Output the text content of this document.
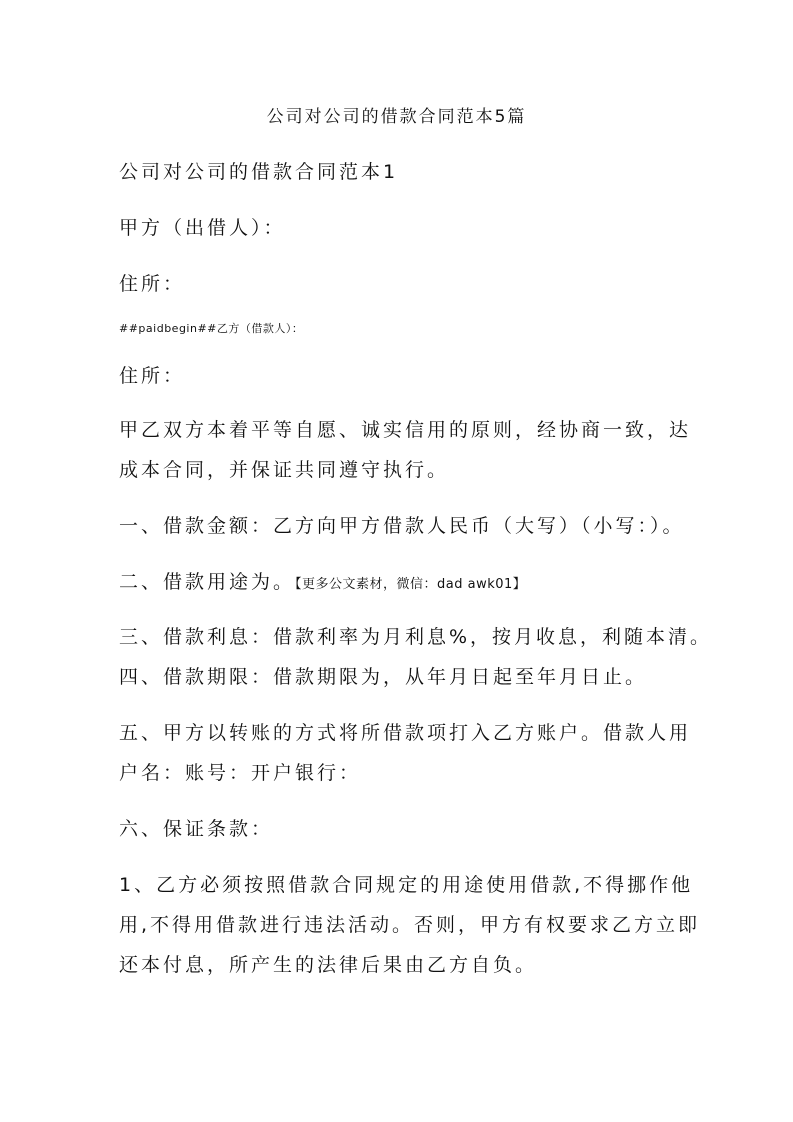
公司对公司的借款合同范本5篇
公司对公司的借款合同范本1
甲方（出借人）：
住所：
##paidbegin##乙方（借款人）：
住所：
甲乙双方本着平等自愿、诚实信用的原则，经协商一致，达
成本合同，并保证共同遵守执行。
一、借款金额：乙方向甲方借款人民币（大写）（小写：）。
二、借款用途为。【更多公文素材，微信：dad awk01】
三、借款利息：借款利率为月利息%，按月收息，利随本清。
四、借款期限：借款期限为，从年月日起至年月日止。
五、甲方以转账的方式将所借款项打入乙方账户。借款人用
户名：账号：开户银行：
六、保证条款：
1、乙方必须按照借款合同规定的用途使用借款,不得挪作他
用,不得用借款进行违法活动。否则，甲方有权要求乙方立即
还本付息，所产生的法律后果由乙方自负。
